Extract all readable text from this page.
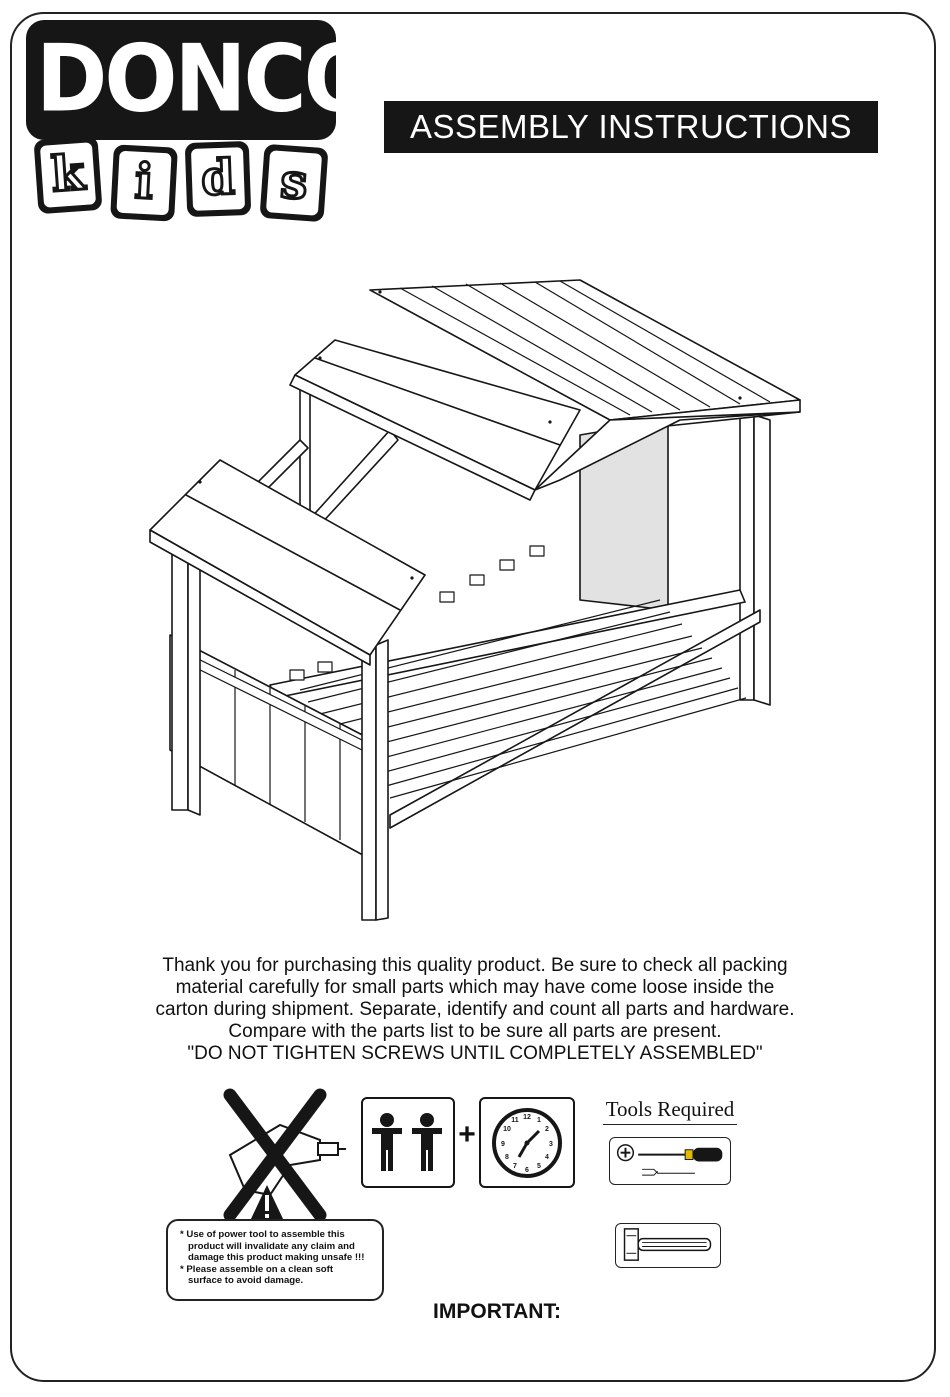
DONCO
k i d s
ASSEMBLY INSTRUCTIONS

Thank you for purchasing this quality product. Be sure to check all packing

material carefully for small parts which may have come loose inside the

carton during shipment. Separate, identify and count all parts and hardware.

Compare with the parts list to be sure all parts are present.

"DO NOT TIGHTEN SCREWS UNTIL COMPLETELY ASSEMBLED"

* Use of power tool to assemble this

product will invalidate any claim and

damage this product making unsafe !!!

* Please assemble on a clean soft

surface to avoid damage.

+
12 1
2
3
4
5
6
7
8
9
10
11	Tools Required
IMPORTANT:
